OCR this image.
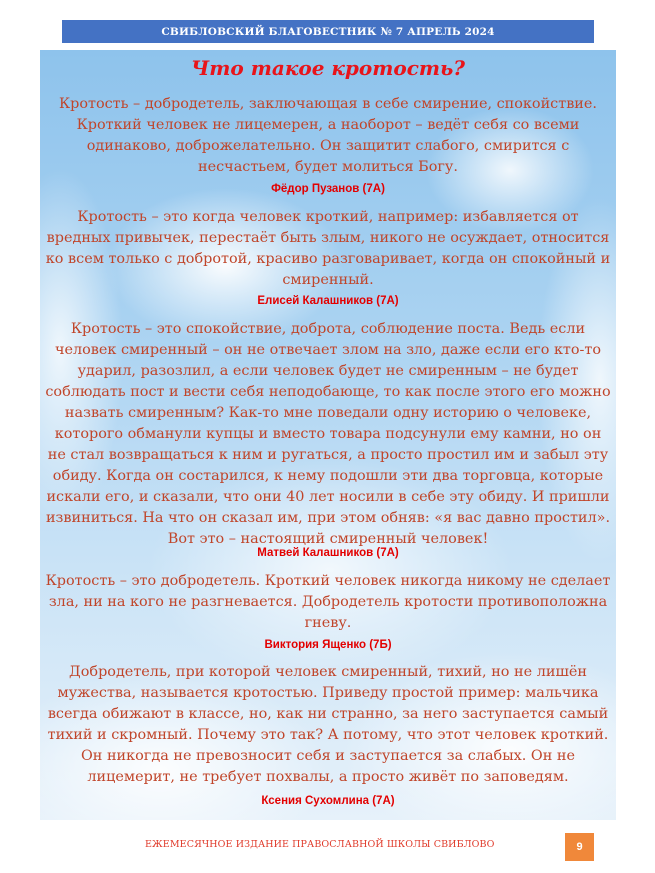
СВИБЛОВСКИЙ БЛАГОВЕСТНИК № 7 АПРЕЛЬ 2024
Что такое кротость?

Кротость – добродетель, заключающая в себе смирение, спокойствие. Кроткий человек не лицемерен, а наоборот – ведёт себя со всеми одинаково, доброжелательно. Он защитит слабого, смирится с несчастьем, будет молиться Богу.

Фёдор Пузанов (7А)

Кротость – это когда человек кроткий, например: избавляется от вредных привычек, перестаёт быть злым, никого не осуждает, относится ко всем только с добротой, красиво разговаривает, когда он спокойный и смиренный.

Елисей Калашников (7А)

Кротость – это спокойствие, доброта, соблюдение поста. Ведь если человек смиренный – он не отвечает злом на зло, даже если его кто-то ударил, разозлил, а если человек будет не смиренным – не будет соблюдать пост и вести себя неподобающе, то как после этого его можно назвать смиренным? Как-то мне поведали одну историю о человеке, которого обманули купцы и вместо товара подсунули ему камни, но он не стал возвращаться к ним и ругаться, а просто простил им и забыл эту обиду. Когда он состарился, к нему подошли эти два торговца, которые искали его, и сказали, что они 40 лет носили в себе эту обиду. И пришли извиниться. На что он сказал им, при этом обняв: «я вас давно простил». Вот это – настоящий смиренный человек!

Матвей Калашников (7А)

Кротость – это добродетель. Кроткий человек никогда никому не сделает зла, ни на кого не разгневается. Добродетель кротости противоположна гневу.

Виктория Ященко (7Б)

Добродетель, при которой человек смиренный, тихий, но не лишён мужества, называется кротостью. Приведу простой пример: мальчика всегда обижают в классе, но, как ни странно, за него заступается самый тихий и скромный. Почему это так? А потому, что этот человек кроткий. Он никогда не превозносит себя и заступается за слабых. Он не лицемерит, не требует похвалы, а просто живёт по заповедям.

Ксения Сухомлина (7А)
ЕЖЕМЕСЯЧНОЕ ИЗДАНИЕ ПРАВОСЛАВНОЙ ШКОЛЫ СВИБЛОВО	9
